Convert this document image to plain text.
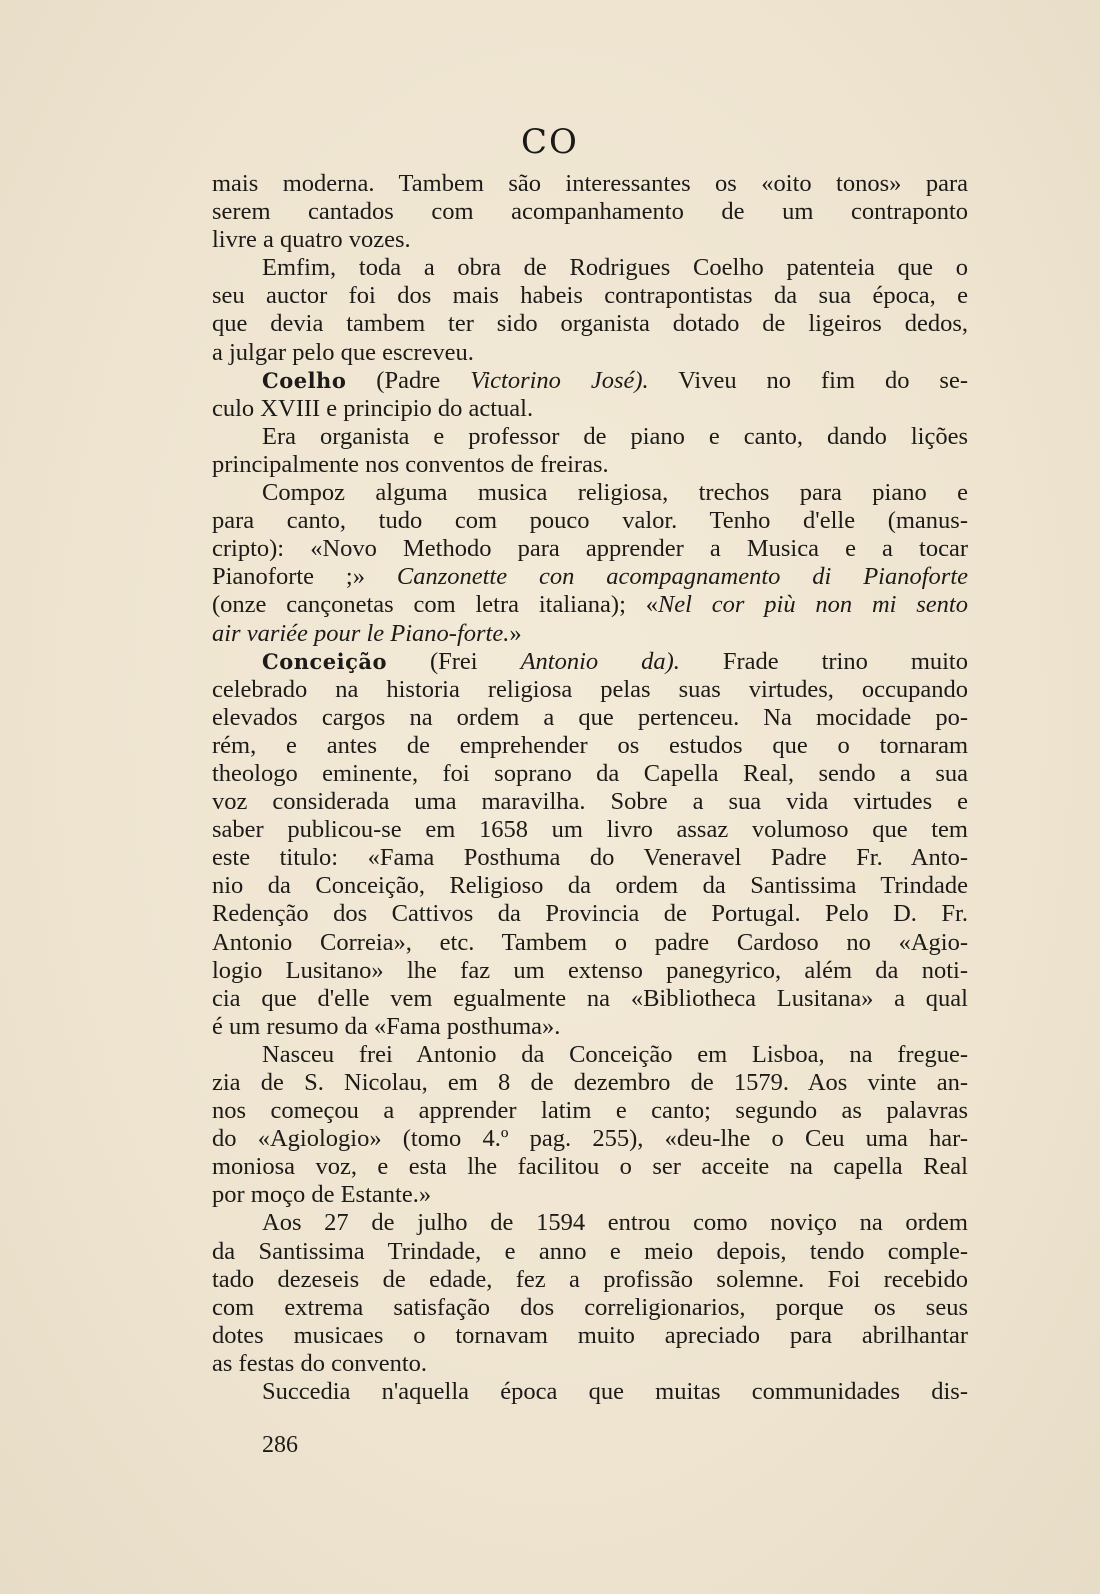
CO
mais moderna. Tambem são interessantes os «oito tonos» para
serem cantados com acompanhamento de um contraponto
livre a quatro vozes.
Emfim, toda a obra de Rodrigues Coelho patenteia que o
seu auctor foi dos mais habeis contrapontistas da sua época, e
que devia tambem ter sido organista dotado de ligeiros dedos,
a julgar pelo que escreveu.
Coelho (Padre Victorino José). Viveu no fim do se-
culo XVIII e principio do actual.
Era organista e professor de piano e canto, dando lições
principalmente nos conventos de freiras.
Compoz alguma musica religiosa, trechos para piano e
para canto, tudo com pouco valor. Tenho d'elle (manus-
cripto): «Novo Methodo para apprender a Musica e a tocar
Pianoforte ;» Canzonette con acompagnamento di Pianoforte
(onze cançonetas com letra italiana); «Nel cor più non mi sento
air variée pour le Piano-forte.»
Conceição (Frei Antonio da). Frade trino muito
celebrado na historia religiosa pelas suas virtudes, occupando
elevados cargos na ordem a que pertenceu. Na mocidade po-
rém, e antes de emprehender os estudos que o tornaram
theologo eminente, foi soprano da Capella Real, sendo a sua
voz considerada uma maravilha. Sobre a sua vida virtudes e
saber publicou-se em 1658 um livro assaz volumoso que tem
este titulo: «Fama Posthuma do Veneravel Padre Fr. Anto-
nio da Conceição, Religioso da ordem da Santissima Trindade
Redenção dos Cattivos da Provincia de Portugal. Pelo D. Fr.
Antonio Correia», etc. Tambem o padre Cardoso no «Agio-
logio Lusitano» lhe faz um extenso panegyrico, além da noti-
cia que d'elle vem egualmente na «Bibliotheca Lusitana» a qual
é um resumo da «Fama posthuma».
Nasceu frei Antonio da Conceição em Lisboa, na fregue-
zia de S. Nicolau, em 8 de dezembro de 1579. Aos vinte an-
nos começou a apprender latim e canto; segundo as palavras
do «Agiologio» (tomo 4.º pag. 255), «deu-lhe o Ceu uma har-
moniosa voz, e esta lhe facilitou o ser acceite na capella Real
por moço de Estante.»
Aos 27 de julho de 1594 entrou como noviço na ordem
da Santissima Trindade, e anno e meio depois, tendo comple-
tado dezeseis de edade, fez a profissão solemne. Foi recebido
com extrema satisfação dos correligionarios, porque os seus
dotes musicaes o tornavam muito apreciado para abrilhantar
as festas do convento.
Succedia n'aquella época que muitas communidades dis-
286
